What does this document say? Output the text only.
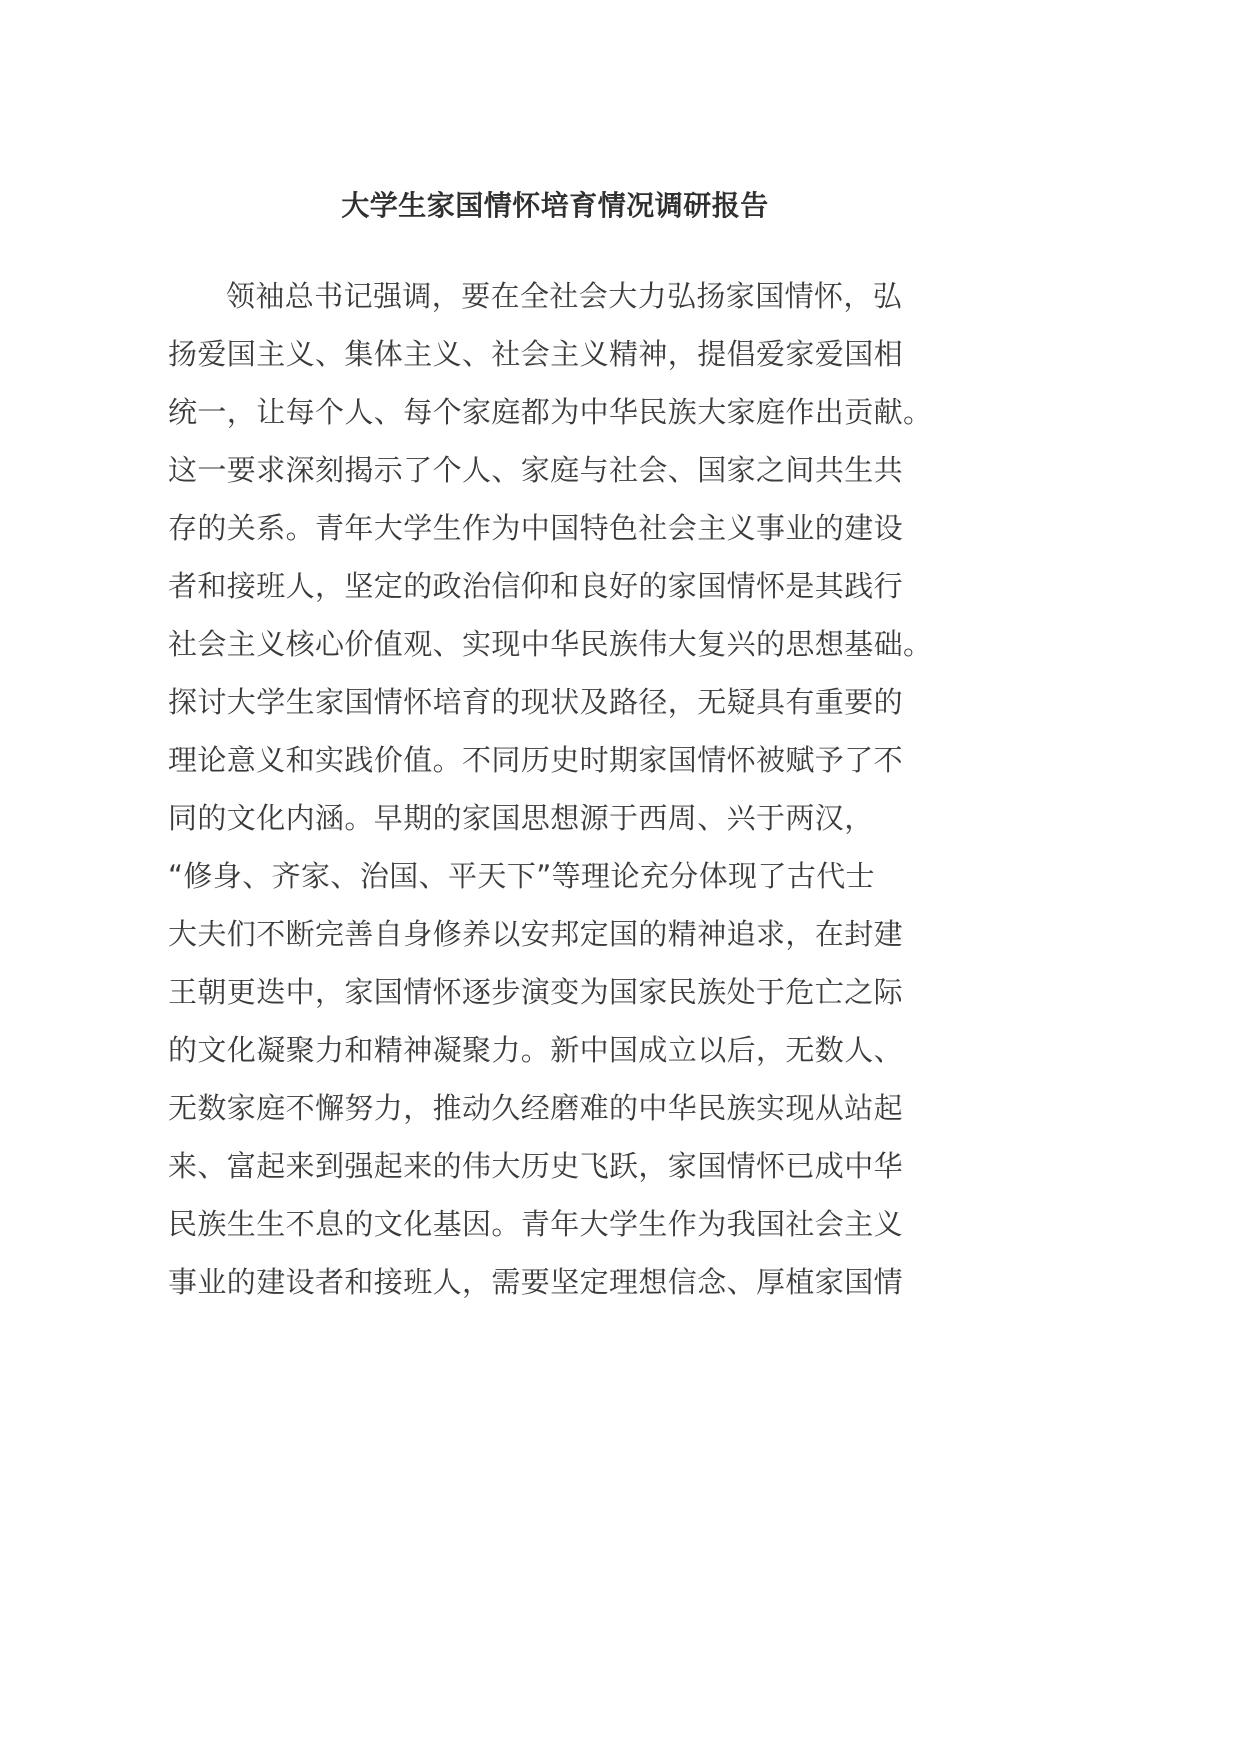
大学生家国情怀培育情况调研报告
领袖总书记强调，要在全社会大力弘扬家国情怀，弘
扬爱国主义、集体主义、社会主义精神，提倡爱家爱国相
统一，让每个人、每个家庭都为中华民族大家庭作出贡献。
这一要求深刻揭示了个人、家庭与社会、国家之间共生共
存的关系。青年大学生作为中国特色社会主义事业的建设
者和接班人，坚定的政治信仰和良好的家国情怀是其践行
社会主义核心价值观、实现中华民族伟大复兴的思想基础。
探讨大学生家国情怀培育的现状及路径，无疑具有重要的
理论意义和实践价值。不同历史时期家国情怀被赋予了不
同的文化内涵。早期的家国思想源于西周、兴于两汉，
“修身、齐家、治国、平天下”等理论充分体现了古代士
大夫们不断完善自身修养以安邦定国的精神追求，在封建
王朝更迭中，家国情怀逐步演变为国家民族处于危亡之际
的文化凝聚力和精神凝聚力。新中国成立以后，无数人、
无数家庭不懈努力，推动久经磨难的中华民族实现从站起
来、富起来到强起来的伟大历史飞跃，家国情怀已成中华
民族生生不息的文化基因。青年大学生作为我国社会主义
事业的建设者和接班人，需要坚定理想信念、厚植家国情
